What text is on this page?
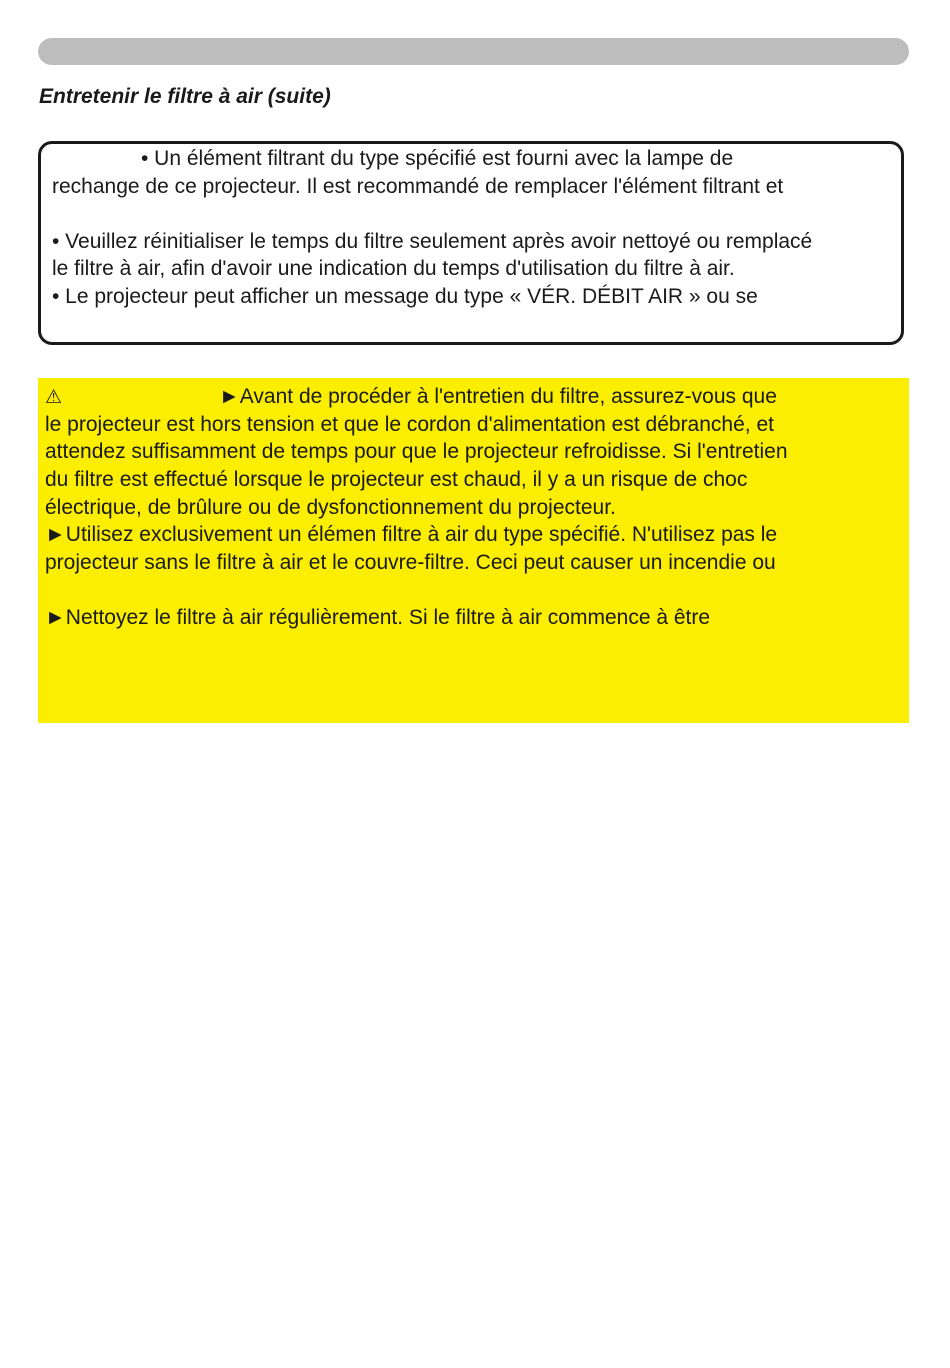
Entretenir le filtre à air (suite)

• Un élément filtrant du type spécifié est fourni avec la lampe de

rechange de ce projecteur. Il est recommandé de remplacer l'élément filtrant et

• Veuillez réinitialiser le temps du filtre seulement après avoir nettoyé ou remplacé

le filtre à air, afin d'avoir une indication du temps d'utilisation du filtre à air.

• Le projecteur peut afficher un message du type « VÉR. DÉBIT AIR » ou se

⚠	►Avant de procéder à l'entretien du filtre, assurez-vous que

le projecteur est hors tension et que le cordon d'alimentation est débranché, et

attendez suffisamment de temps pour que le projecteur refroidisse. Si l'entretien

du filtre est effectué lorsque le projecteur est chaud, il y a un risque de choc

électrique, de brûlure ou de dysfonctionnement du projecteur.

►Utilisez exclusivement un élémen filtre à air du type spécifié. N'utilisez pas le

projecteur sans le filtre à air et le couvre-filtre. Ceci peut causer un incendie ou

►Nettoyez le filtre à air régulièrement. Si le filtre à air commence à être
